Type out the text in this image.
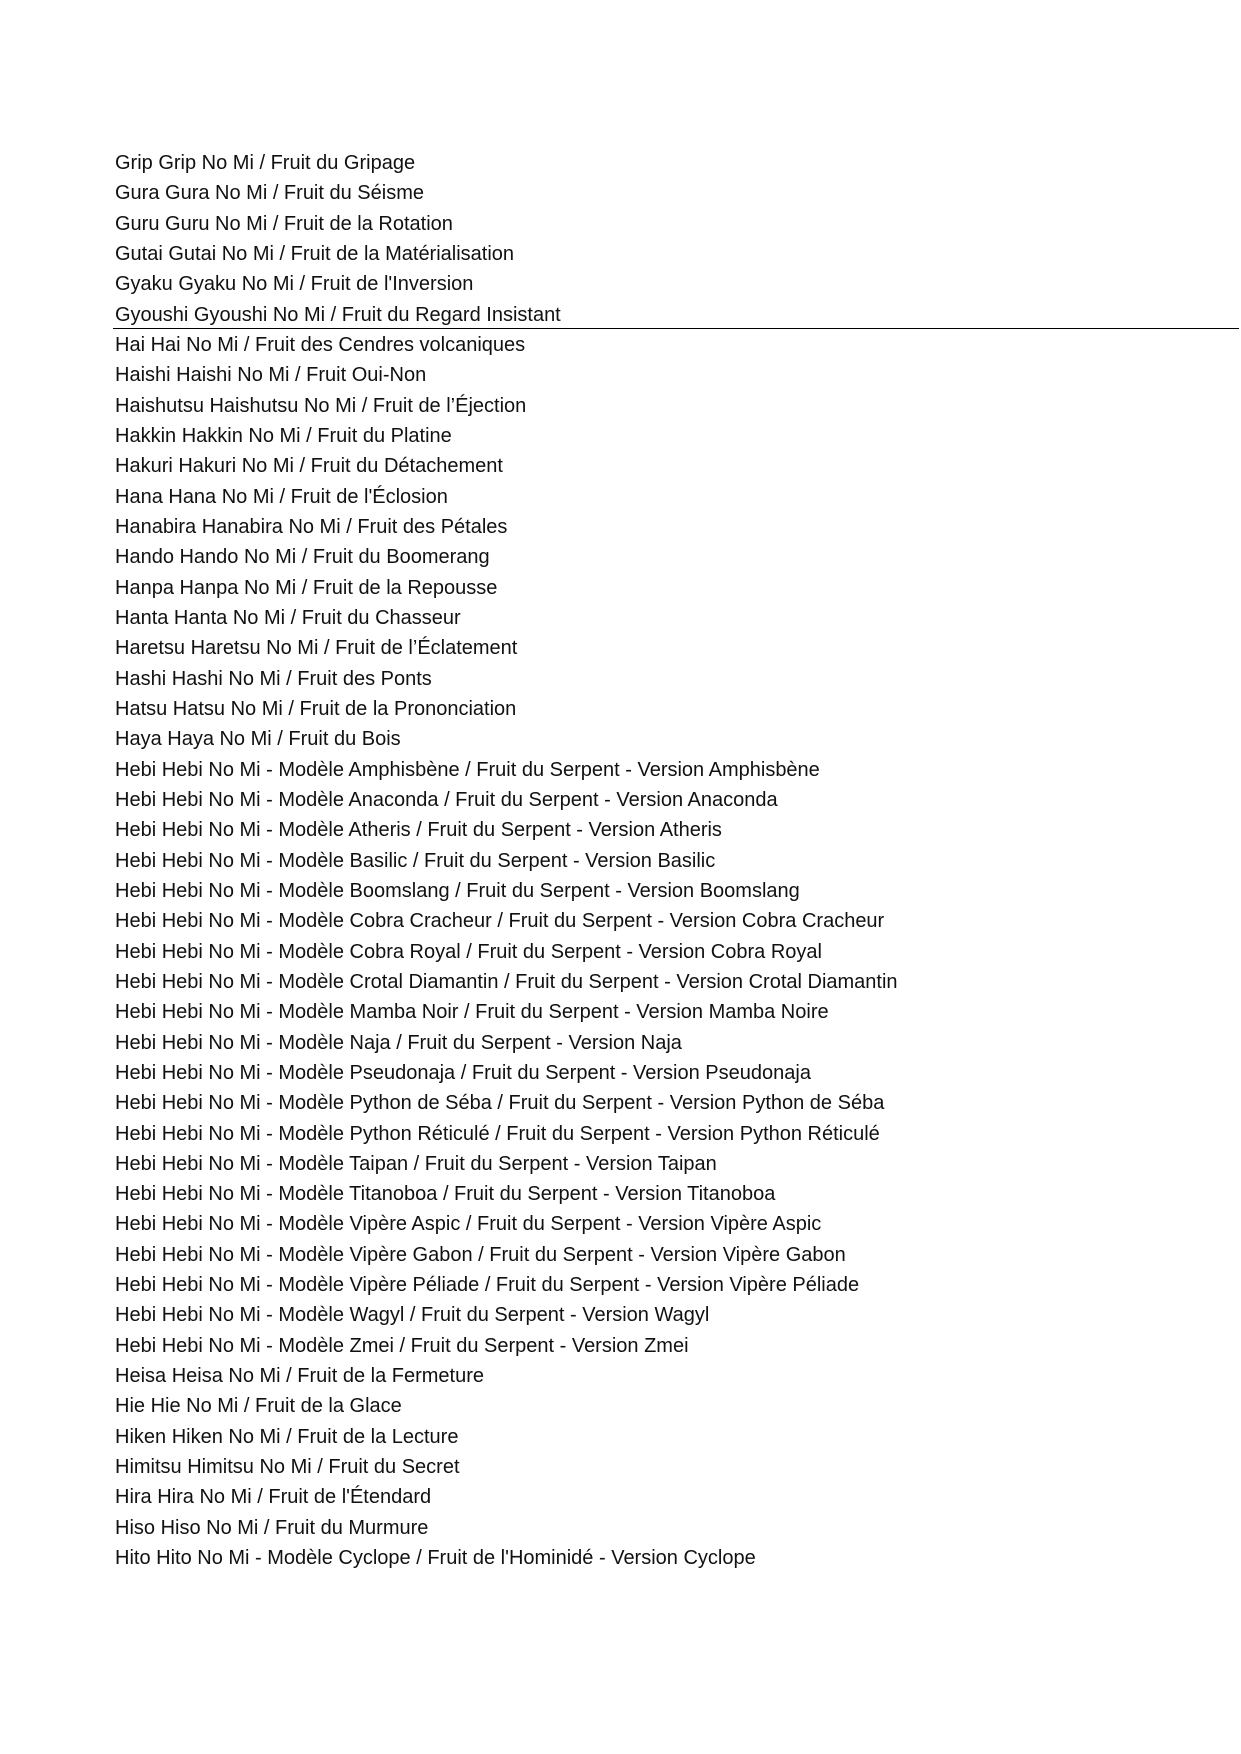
Grip Grip No Mi / Fruit du Gripage
Gura Gura No Mi / Fruit du Séisme
Guru Guru No Mi / Fruit de la Rotation
Gutai Gutai No Mi / Fruit de la Matérialisation
Gyaku Gyaku No Mi / Fruit de l'Inversion
Gyoushi Gyoushi No Mi / Fruit du Regard Insistant
Hai Hai No Mi / Fruit des Cendres volcaniques
Haishi Haishi No Mi / Fruit Oui-Non
Haishutsu Haishutsu No Mi / Fruit de l’Éjection
Hakkin Hakkin No Mi / Fruit du Platine
Hakuri Hakuri No Mi / Fruit du Détachement
Hana Hana No Mi / Fruit de l'Éclosion
Hanabira Hanabira No Mi / Fruit des Pétales
Hando Hando No Mi / Fruit du Boomerang
Hanpa Hanpa No Mi / Fruit de la Repousse
Hanta Hanta No Mi / Fruit du Chasseur
Haretsu Haretsu No Mi / Fruit de l’Éclatement
Hashi Hashi No Mi / Fruit des Ponts
Hatsu Hatsu No Mi / Fruit de la Prononciation
Haya Haya No Mi / Fruit du Bois
Hebi Hebi No Mi - Modèle Amphisbène / Fruit du Serpent - Version Amphisbène
Hebi Hebi No Mi - Modèle Anaconda / Fruit du Serpent - Version Anaconda
Hebi Hebi No Mi - Modèle Atheris / Fruit du Serpent - Version Atheris
Hebi Hebi No Mi - Modèle Basilic / Fruit du Serpent - Version Basilic
Hebi Hebi No Mi - Modèle Boomslang / Fruit du Serpent - Version Boomslang
Hebi Hebi No Mi - Modèle Cobra Cracheur / Fruit du Serpent - Version Cobra Cracheur
Hebi Hebi No Mi - Modèle Cobra Royal / Fruit du Serpent - Version Cobra Royal
Hebi Hebi No Mi - Modèle Crotal Diamantin / Fruit du Serpent - Version Crotal Diamantin
Hebi Hebi No Mi - Modèle Mamba Noir / Fruit du Serpent - Version Mamba Noire
Hebi Hebi No Mi - Modèle Naja / Fruit du Serpent - Version Naja
Hebi Hebi No Mi - Modèle Pseudonaja / Fruit du Serpent - Version Pseudonaja
Hebi Hebi No Mi - Modèle Python de Séba / Fruit du Serpent - Version Python de Séba
Hebi Hebi No Mi - Modèle Python Réticulé / Fruit du Serpent - Version Python Réticulé
Hebi Hebi No Mi - Modèle Taipan / Fruit du Serpent - Version Taipan
Hebi Hebi No Mi - Modèle Titanoboa / Fruit du Serpent - Version Titanoboa
Hebi Hebi No Mi - Modèle Vipère Aspic / Fruit du Serpent - Version Vipère Aspic
Hebi Hebi No Mi - Modèle Vipère Gabon / Fruit du Serpent - Version Vipère Gabon
Hebi Hebi No Mi - Modèle Vipère Péliade / Fruit du Serpent - Version Vipère Péliade
Hebi Hebi No Mi - Modèle Wagyl / Fruit du Serpent - Version Wagyl
Hebi Hebi No Mi - Modèle Zmei / Fruit du Serpent - Version Zmei
Heisa Heisa No Mi / Fruit de la Fermeture
Hie Hie No Mi / Fruit de la Glace
Hiken Hiken No Mi / Fruit de la Lecture
Himitsu Himitsu No Mi / Fruit du Secret
Hira Hira No Mi / Fruit de l'Étendard
Hiso Hiso No Mi / Fruit du Murmure
Hito Hito No Mi - Modèle Cyclope / Fruit de l'Hominidé - Version Cyclope
